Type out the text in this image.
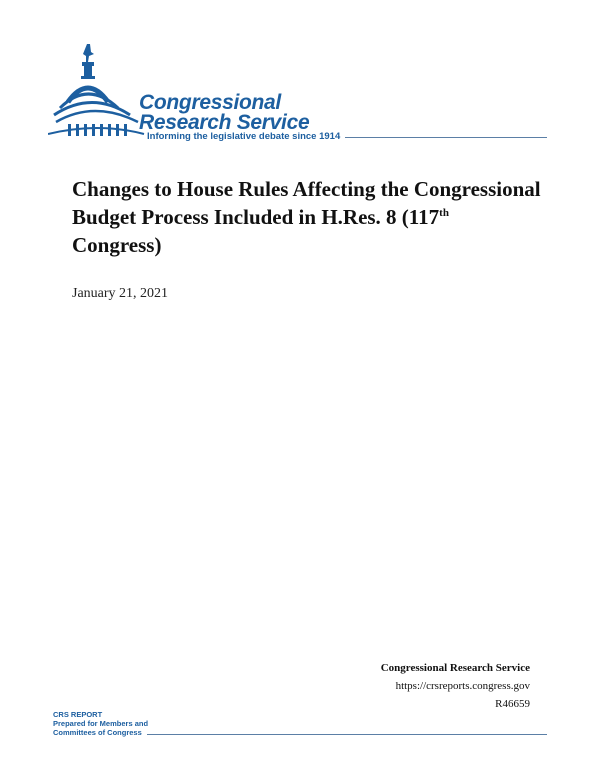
Congressional
Research Service
Informing the legislative debate since 1914
Changes to House Rules Affecting the Congressional Budget Process Included in H.Res. 8 (117th Congress)
January 21, 2021
Congressional Research Service
https://crsreports.congress.gov
R46659
CRS REPORT
Prepared for Members and
Committees of Congress
